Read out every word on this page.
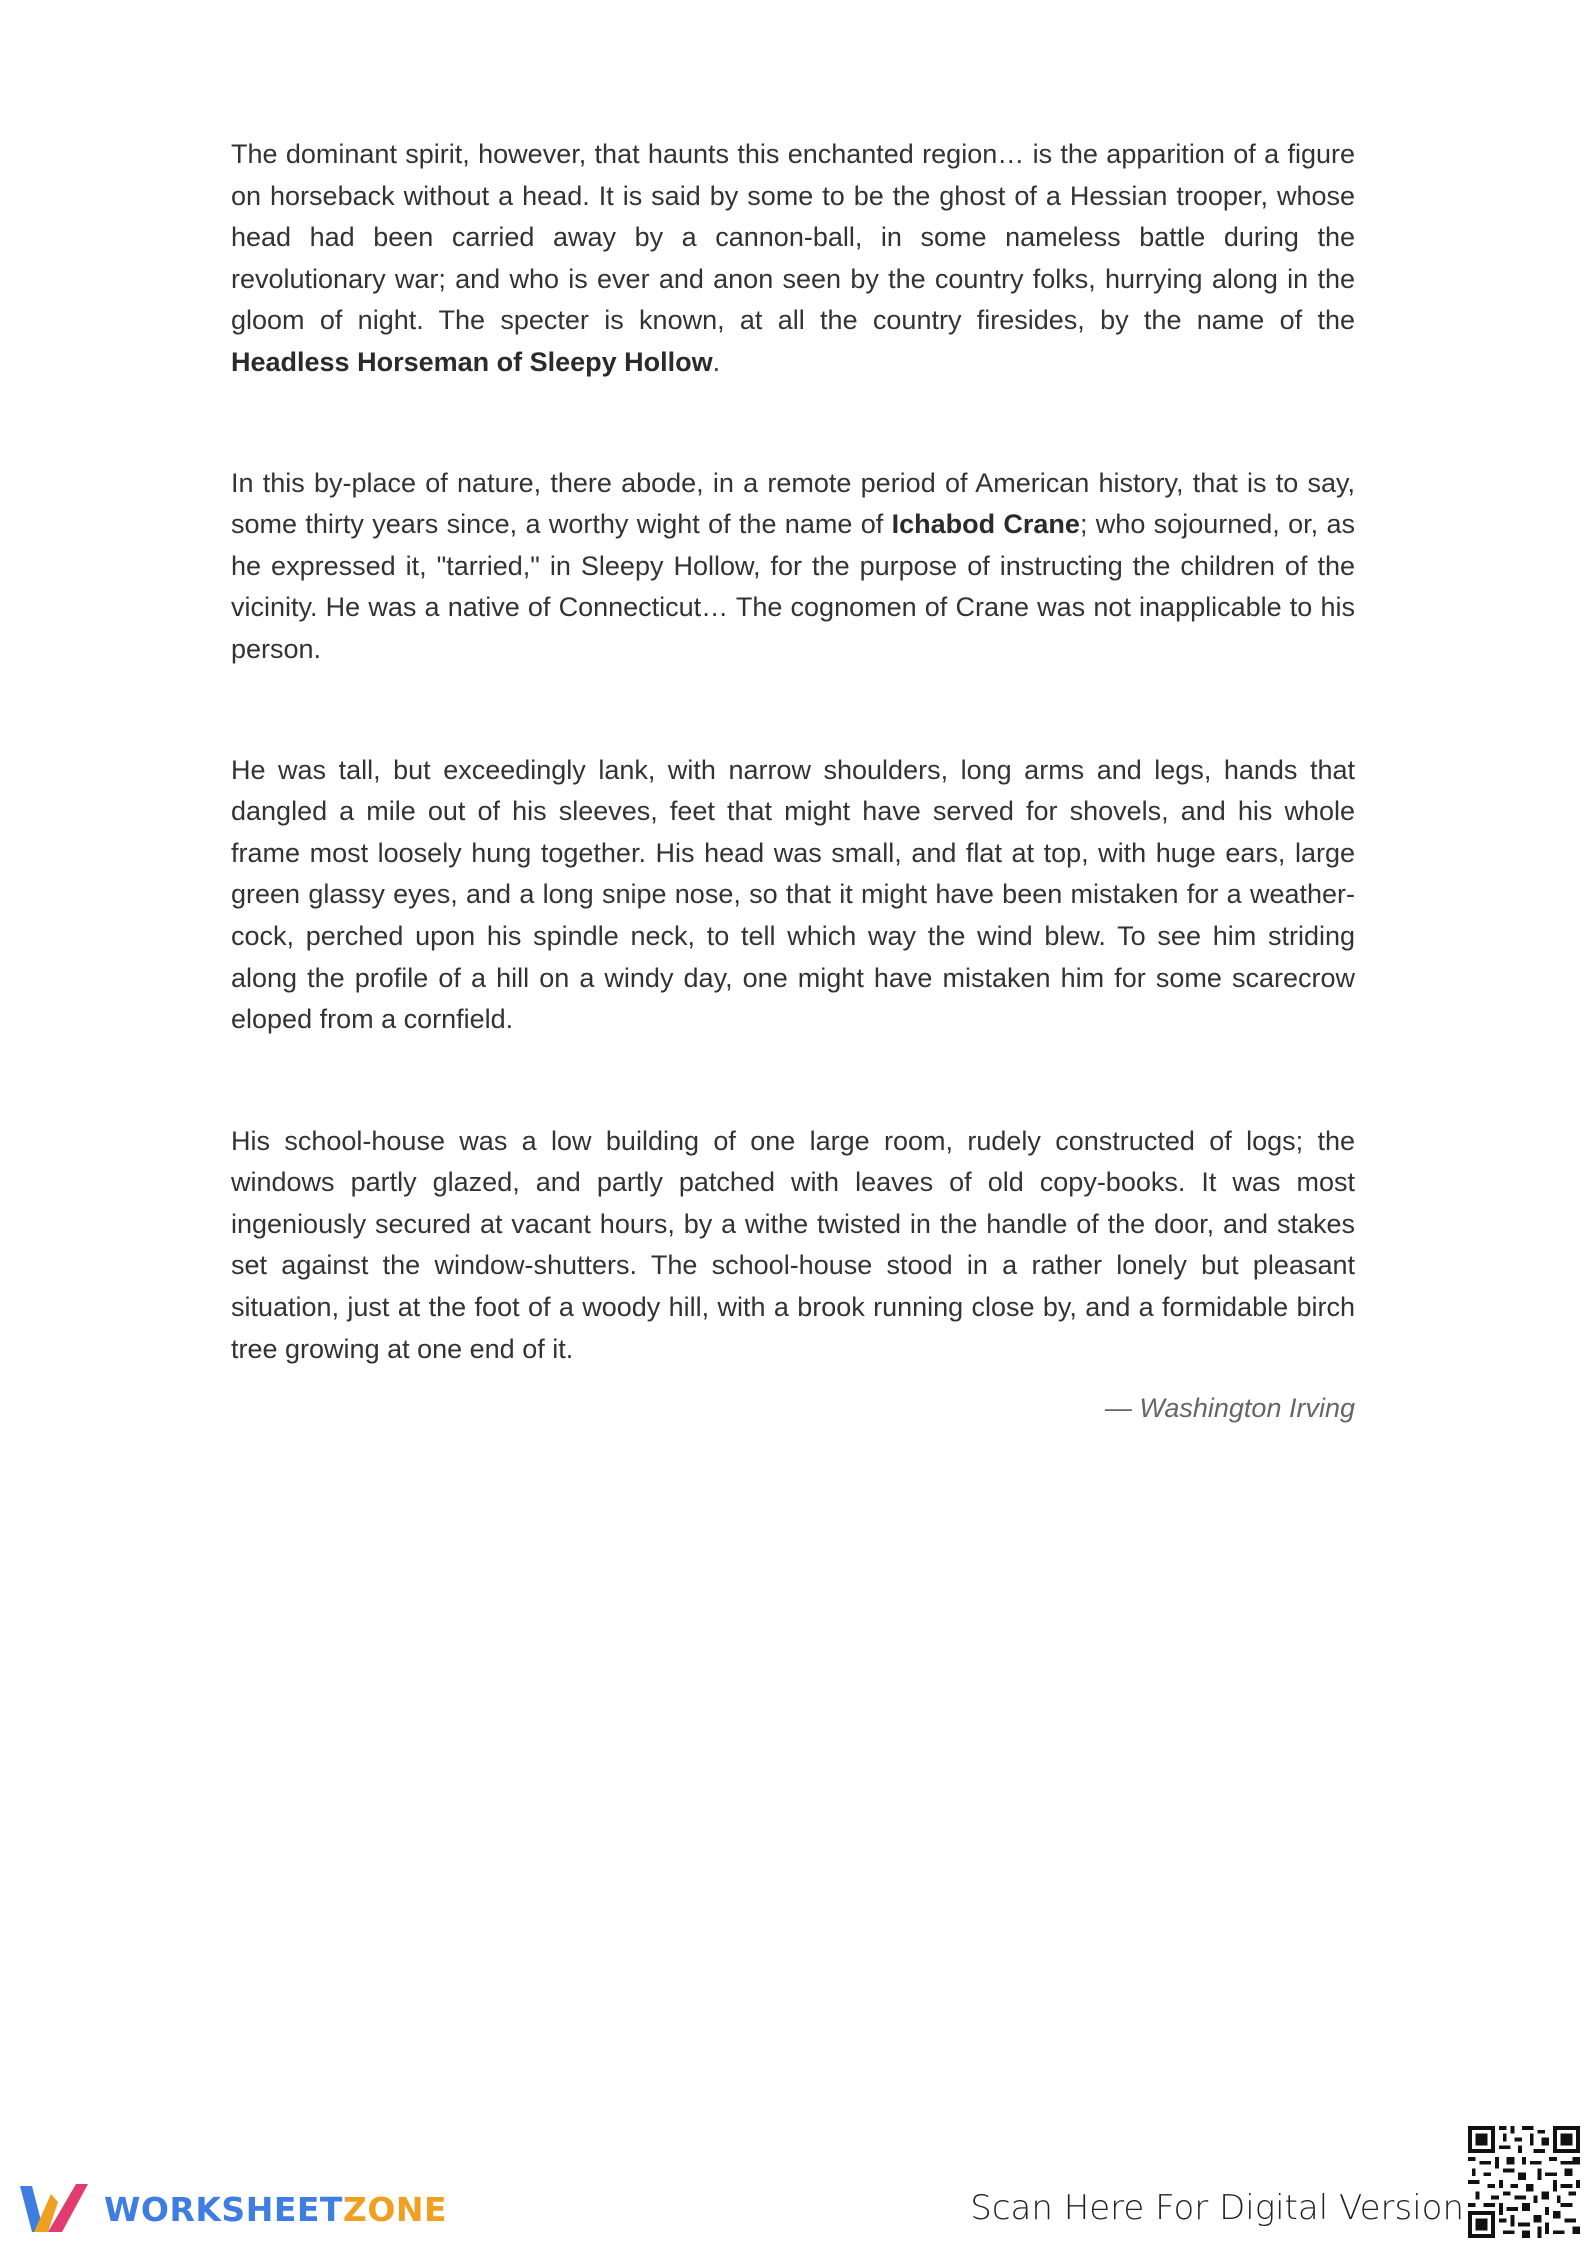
The dominant spirit, however, that haunts this enchanted region… is the apparition of a figure on horseback without a head. It is said by some to be the ghost of a Hessian trooper, whose head had been carried away by a cannon-ball, in some nameless battle during the revolutionary war; and who is ever and anon seen by the country folks, hurrying along in the gloom of night. The specter is known, at all the country firesides, by the name of the Headless Horseman of Sleepy Hollow.

In this by-place of nature, there abode, in a remote period of American history, that is to say, some thirty years since, a worthy wight of the name of Ichabod Crane; who sojourned, or, as he expressed it, "tarried," in Sleepy Hollow, for the purpose of instructing the children of the vicinity. He was a native of Connecticut… The cognomen of Crane was not inapplicable to his person.

He was tall, but exceedingly lank, with narrow shoulders, long arms and legs, hands that dangled a mile out of his sleeves, feet that might have served for shovels, and his whole frame most loosely hung together. His head was small, and flat at top, with huge ears, large green glassy eyes, and a long snipe nose, so that it might have been mistaken for a weather-cock, perched upon his spindle neck, to tell which way the wind blew. To see him striding along the profile of a hill on a windy day, one might have mistaken him for some scarecrow eloped from a cornfield.

His school-house was a low building of one large room, rudely constructed of logs; the windows partly glazed, and partly patched with leaves of old copy-books. It was most ingeniously secured at vacant hours, by a withe twisted in the handle of the door, and stakes set against the window-shutters. The school-house stood in a rather lonely but pleasant situation, just at the foot of a woody hill, with a brook running close by, and a formidable birch tree growing at one end of it.

— Washington Irving
WORKSHEETZONE	Scan Here For Digital Version
